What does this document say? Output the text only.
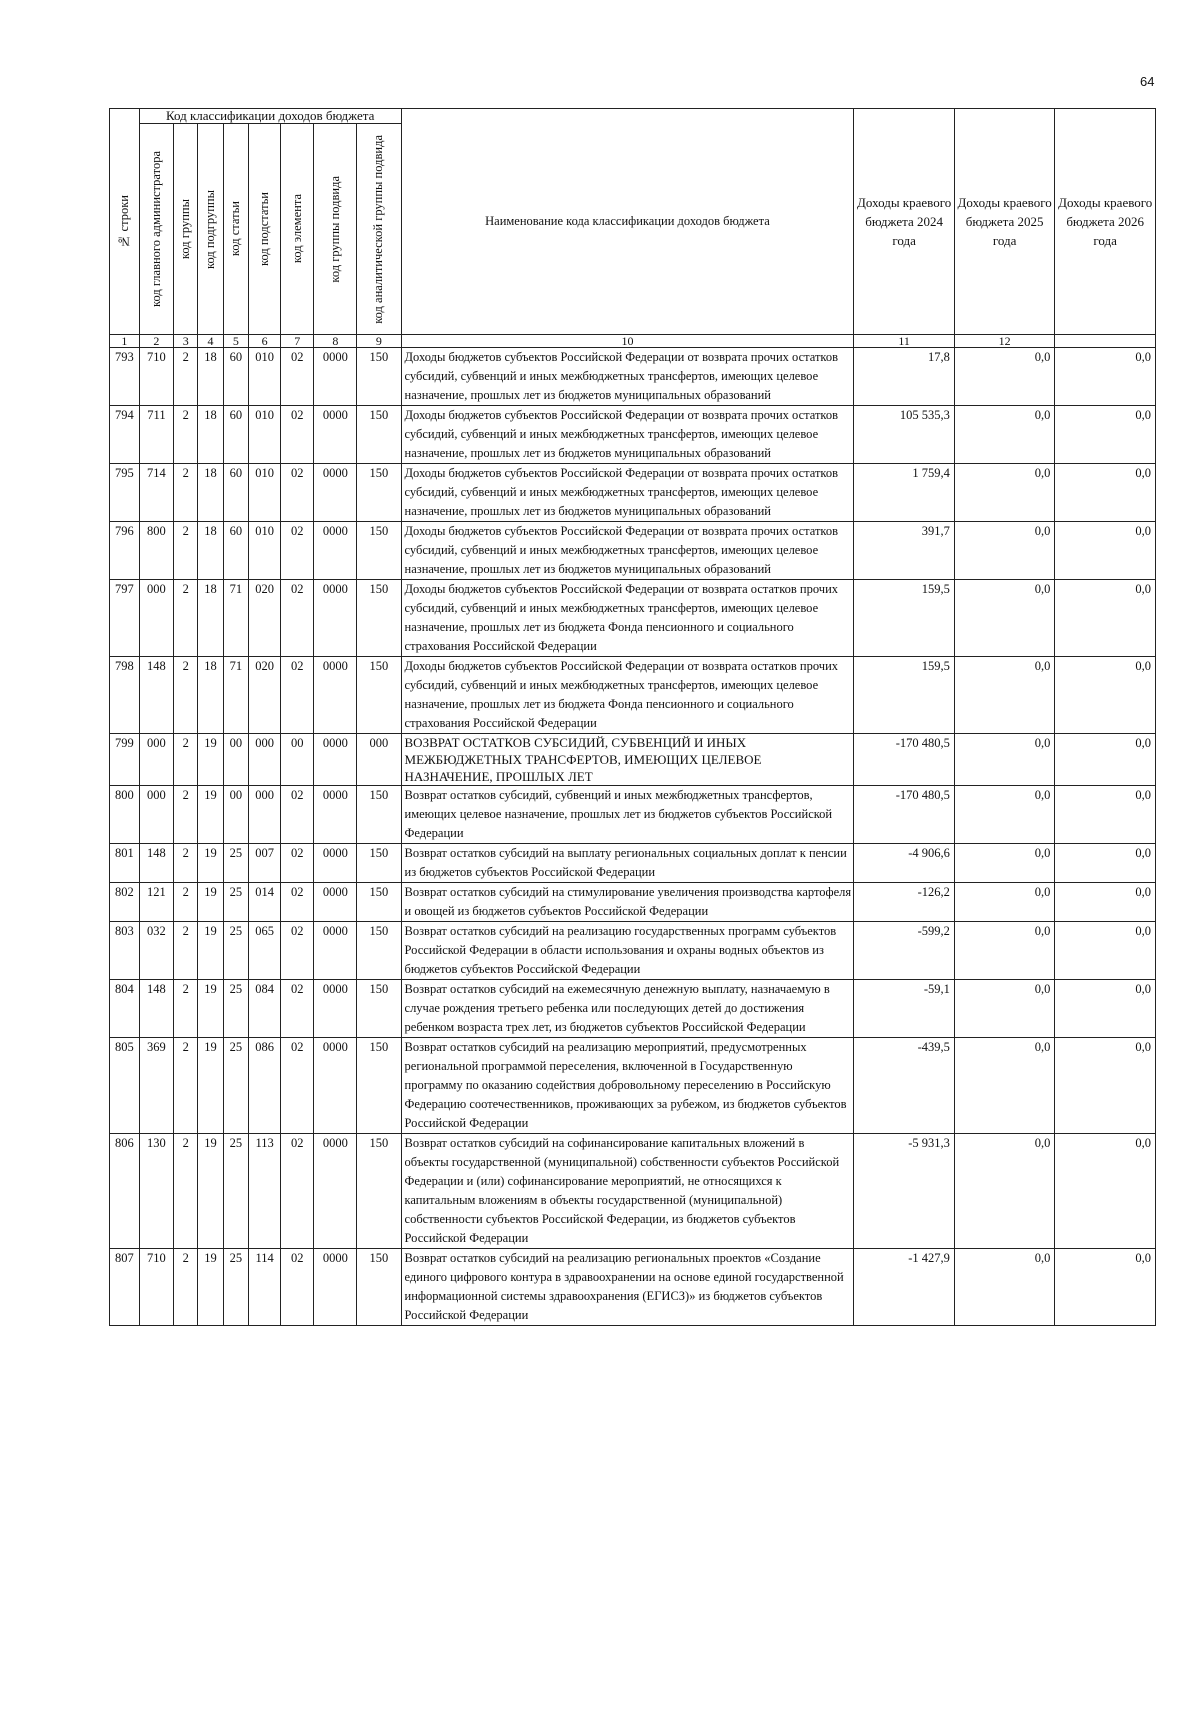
64
№ строки	Код классификации доходов бюджета								Наименование кода классификации доходов бюджета	Доходы краевого бюджета 2024 года	Доходы краевого бюджета 2025 года	Доходы краевого бюджета 2026 года

	код главного администратора	код группы	код подгруппы	код статьи	код подстатьи	код элемента	код группы подвида	код аналитической группы подвида				

1	2	3	4	5	6	7	8	9	10	11	12	
793	710	2	18	60	010	02	0000	150	Доходы бюджетов субъектов Российской Федерации от возврата прочих остатков субсидий, субвенций и иных межбюджетных трансфертов, имеющих целевое назначение, прошлых лет из бюджетов муниципальных образований	17,8	0,0	0,0
794	711	2	18	60	010	02	0000	150	Доходы бюджетов субъектов Российской Федерации от возврата прочих остатков субсидий, субвенций и иных межбюджетных трансфертов, имеющих целевое назначение, прошлых лет из бюджетов муниципальных образований	105 535,3	0,0	0,0
795	714	2	18	60	010	02	0000	150	Доходы бюджетов субъектов Российской Федерации от возврата прочих остатков субсидий, субвенций и иных межбюджетных трансфертов, имеющих целевое назначение, прошлых лет из бюджетов муниципальных образований	1 759,4	0,0	0,0
796	800	2	18	60	010	02	0000	150	Доходы бюджетов субъектов Российской Федерации от возврата прочих остатков субсидий, субвенций и иных межбюджетных трансфертов, имеющих целевое назначение, прошлых лет из бюджетов муниципальных образований	391,7	0,0	0,0
797	000	2	18	71	020	02	0000	150	Доходы бюджетов субъектов Российской Федерации от возврата остатков прочих субсидий, субвенций и иных межбюджетных трансфертов, имеющих целевое назначение, прошлых лет из бюджета Фонда пенсионного и социального страхования Российской Федерации	159,5	0,0	0,0
798	148	2	18	71	020	02	0000	150	Доходы бюджетов субъектов Российской Федерации от возврата остатков прочих субсидий, субвенций и иных межбюджетных трансфертов, имеющих целевое назначение, прошлых лет из бюджета Фонда пенсионного и социального страхования Российской Федерации	159,5	0,0	0,0
799	000	2	19	00	000	00	0000	000	ВОЗВРАТ ОСТАТКОВ СУБСИДИЙ, СУБВЕНЦИЙ И ИНЫХ МЕЖБЮДЖЕТНЫХ ТРАНСФЕРТОВ, ИМЕЮЩИХ ЦЕЛЕВОЕ НАЗНАЧЕНИЕ, ПРОШЛЫХ ЛЕТ	-170 480,5	0,0	0,0
800	000	2	19	00	000	02	0000	150	Возврат остатков субсидий, субвенций и иных межбюджетных трансфертов, имеющих целевое назначение, прошлых лет из бюджетов субъектов Российской Федерации	-170 480,5	0,0	0,0
801	148	2	19	25	007	02	0000	150	Возврат остатков субсидий на выплату региональных социальных доплат к пенсии из бюджетов субъектов Российской Федерации	-4 906,6	0,0	0,0
802	121	2	19	25	014	02	0000	150	Возврат остатков субсидий на стимулирование увеличения производства картофеля и овощей из бюджетов субъектов Российской Федерации	-126,2	0,0	0,0
803	032	2	19	25	065	02	0000	150	Возврат остатков субсидий на реализацию государственных программ субъектов Российской Федерации в области использования и охраны водных объектов из бюджетов субъектов Российской Федерации	-599,2	0,0	0,0
804	148	2	19	25	084	02	0000	150	Возврат остатков субсидий на ежемесячную денежную выплату, назначаемую в случае рождения третьего ребенка или последующих детей до достижения ребенком возраста трех лет, из бюджетов субъектов Российской Федерации	-59,1	0,0	0,0
805	369	2	19	25	086	02	0000	150	Возврат остатков субсидий на реализацию мероприятий, предусмотренных региональной программой переселения, включенной в Государственную программу по оказанию содействия добровольному переселению в Российскую Федерацию соотечественников, проживающих за рубежом, из бюджетов субъектов Российской Федерации	-439,5	0,0	0,0
806	130	2	19	25	113	02	0000	150	Возврат остатков субсидий на софинансирование капитальных вложений в объекты государственной (муниципальной) собственности субъектов Российской Федерации и (или) софинансирование мероприятий, не относящихся к капитальным вложениям в объекты государственной (муниципальной) собственности субъектов Российской Федерации, из бюджетов субъектов Российской Федерации	-5 931,3	0,0	0,0
807	710	2	19	25	114	02	0000	150	Возврат остатков субсидий на реализацию региональных проектов «Создание единого цифрового контура в здравоохранении на основе единой государственной информационной системы здравоохранения (ЕГИСЗ)» из бюджетов субъектов Российской Федерации	-1 427,9	0,0	0,0
